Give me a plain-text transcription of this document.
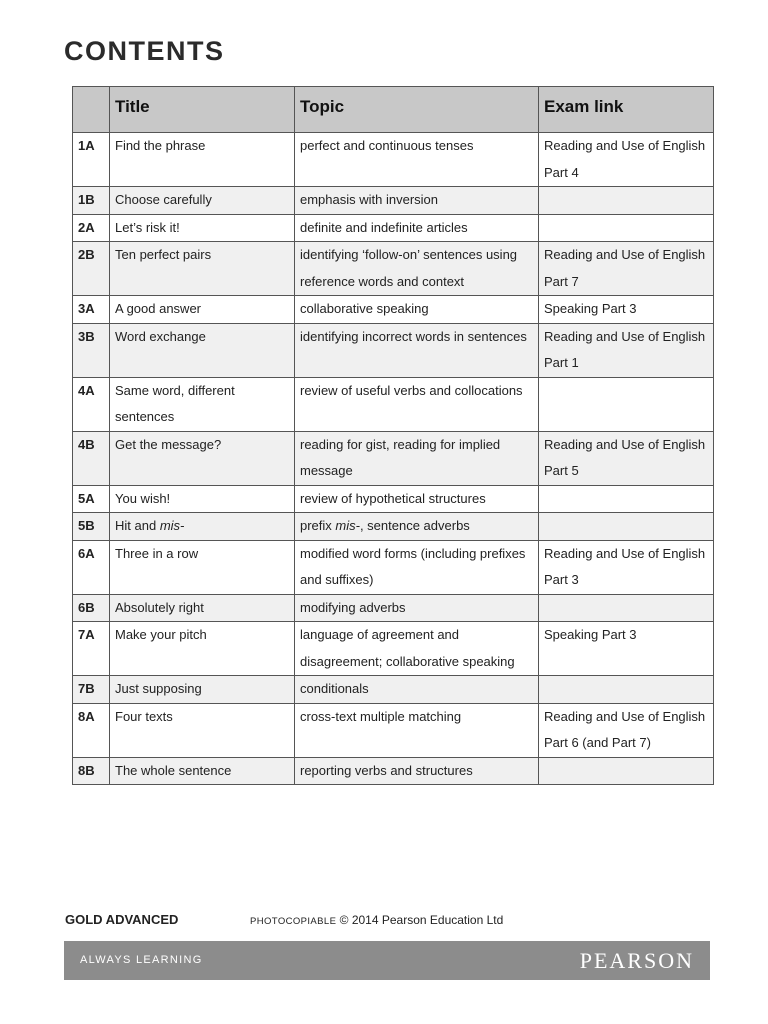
CONTENTS
	Title	Topic	Exam link
1A	Find the phrase	perfect and continuous tenses	Reading and Use of English Part 4
1B	Choose carefully	emphasis with inversion	
2A	Let’s risk it!	definite and indefinite articles	
2B	Ten perfect pairs	identifying ‘follow-on’ sentences using reference words and context	Reading and Use of English Part 7
3A	A good answer	collaborative speaking	Speaking Part 3
3B	Word exchange	identifying incorrect words in sentences	Reading and Use of English Part 1
4A	Same word, different sentences	review of useful verbs and collocations	
4B	Get the message?	reading for gist, reading for implied message	Reading and Use of English Part 5
5A	You wish!	review of hypothetical structures	
5B	Hit and mis-	prefix mis-, sentence adverbs	
6A	Three in a row	modified word forms (including prefixes and suffixes)	Reading and Use of English Part 3
6B	Absolutely right	modifying adverbs	
7A	Make your pitch	language of agreement and disagreement; collaborative speaking	Speaking Part 3
7B	Just supposing	conditionals	
8A	Four texts	cross-text multiple matching	Reading and Use of English Part 6 (and Part 7)
8B	The whole sentence	reporting verbs and structures	
GOLD ADVANCED	PHOTOCOPIABLE © 2014 Pearson Education Ltd
ALWAYS LEARNING	PEARSON
